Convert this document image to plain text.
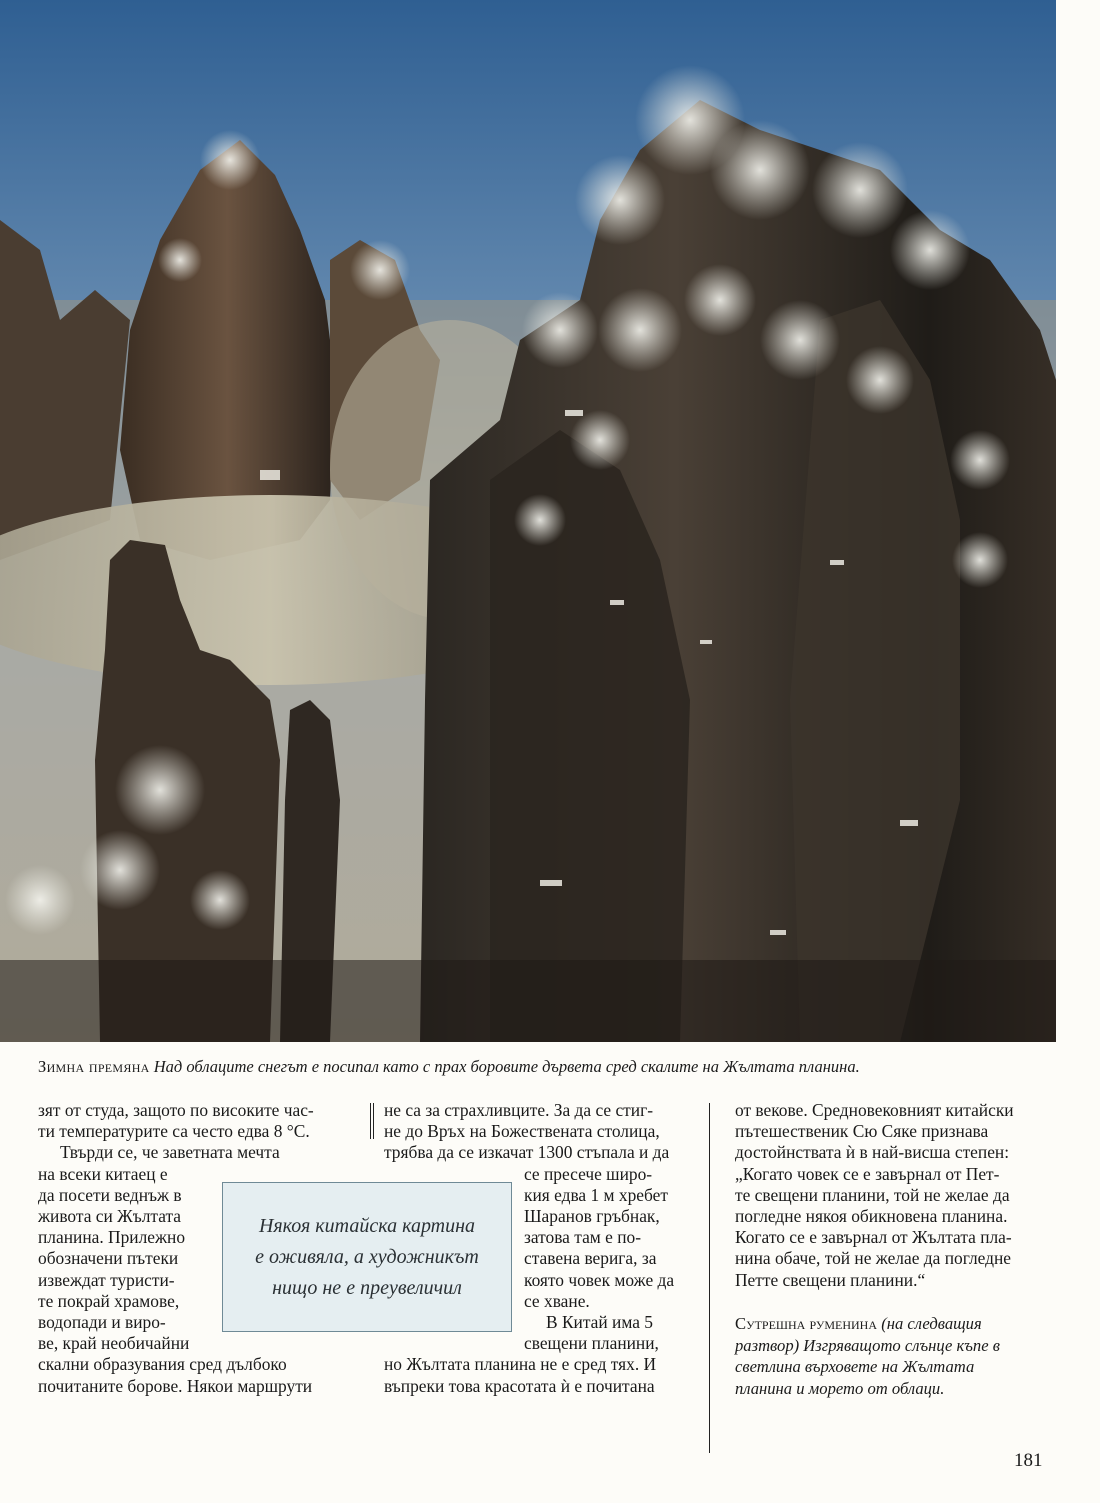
Зимна премяна Над облаците снегът е посипал като с прах боровите дървета сред скалите на Жълтата планина.

зят от студа, защото по високите час-

ти температурите са често едва 8 °C.

Твърди се, че заветната мечта

на всеки китаец е

да посети веднъж в

живота си Жълтата

планина. Прилежно

обозначени пътеки

извеждат туристи-

те покрай храмове,

водопади и виро-

ве, край необичайни

скални образувания сред дълбоко

почитаните борове. Някои маршрути

не са за страхливците. За да се стиг-

не до Връх на Божествената столица,

трябва да се изкачат 1300 стъпала и да

се пресече широ-

кия едва 1 м хребет

Шаранов гръбнак,

затова там е по-

ставена верига, за

която човек може да

се хване.

В Китай има 5

свещени планини,

но Жълтата планина не е сред тях. И

въпреки това красотата ѝ е почитана

от векове. Средновековният китайски

пътешественик Сю Сяке признава

достойнствата ѝ в най-висша степен:

„Когато човек се е завърнал от Пет-

те свещени планини, той не желае да

погледне някоя обикновена планина.

Когато се е завърнал от Жълтата пла-

нина обаче, той не желае да погледне

Петте свещени планини.“

Някоя китайска картина
е оживяла, а художникът
нищо не е преувеличил
Сутрешна руменина (на следващия
разтвор) Изгряващото слънце къпе в
светлина върховете на Жълтата
планина и морето от облаци.
181
